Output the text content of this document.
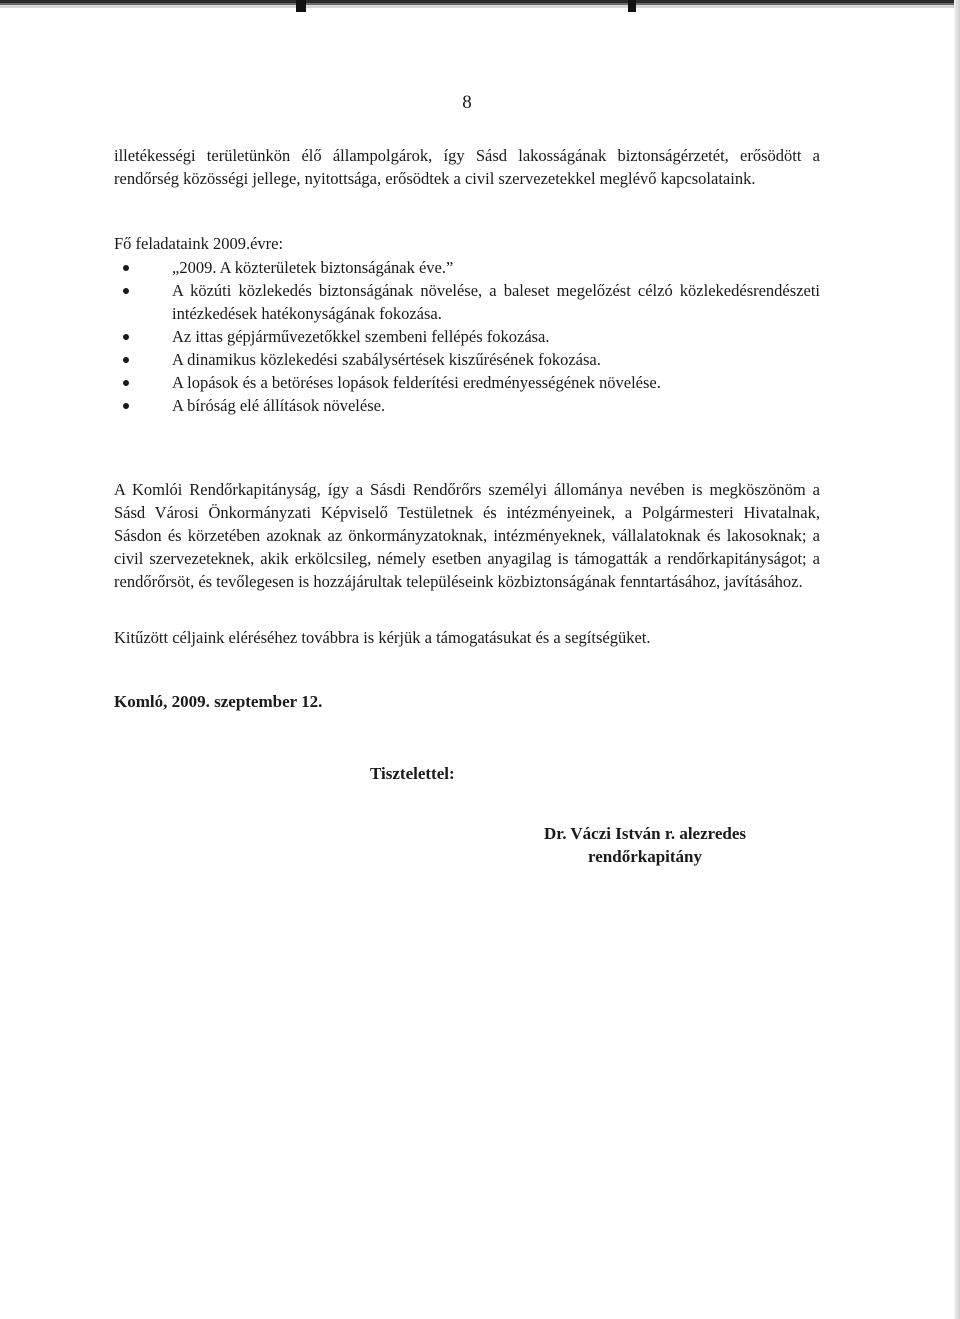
8

illetékességi területünkön élő állampolgárok, így Sásd lakosságának biztonságérzetét, erősödött a rendőrség közösségi jellege, nyitottsága, erősödtek a civil szervezetekkel meglévő kapcsolataink.

Fő feladataink 2009.évre:

„2009. A közterületek biztonságának éve.”
A közúti közlekedés biztonságának növelése, a baleset megelőzést célzó közlekedésrendészeti intézkedések hatékonyságának fokozása.
Az ittas gépjárművezetőkkel szembeni fellépés fokozása.
A dinamikus közlekedési szabálysértések kiszűrésének fokozása.
A lopások és a betöréses lopások felderítési eredményességének növelése.
A bíróság elé állítások növelése.

A Komlói Rendőrkapitányság, így a Sásdi Rendőrőrs személyi állománya nevében is megköszönöm a Sásd Városi Önkormányzati Képviselő Testületnek és intézményeinek, a Polgármesteri Hivatalnak, Sásdon és körzetében azoknak az önkormányzatoknak, intézményeknek, vállalatoknak és lakosoknak; a civil szervezeteknek, akik erkölcsileg, némely esetben anyagilag is támogatták a rendőrkapitányságot; a rendőrőrsöt, és tevőlegesen is hozzájárultak településeink közbiztonságának fenntartásához, javításához.

Kitűzött céljaink eléréséhez továbbra is kérjük a támogatásukat és a segítségüket.

Komló, 2009. szeptember 12.
Tisztelettel:
Dr. Váczi István r. alezredes
rendőrkapitány
